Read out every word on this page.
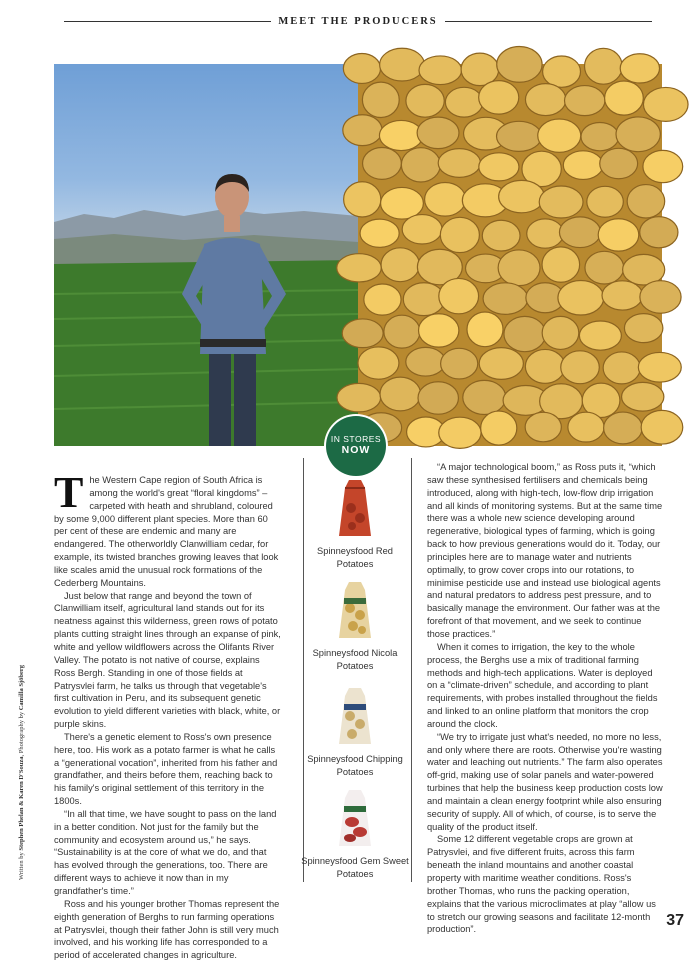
MEET THE PRODUCERS
IN STORES
NOW
T he Western Cape region of South Africa is among the world's great “floral kingdoms” – carpeted with heath and shrubland, coloured by some 9,000 different plant species. More than 60 per cent of these are endemic and many are endangered. The otherworldly Clanwilliam cedar, for example, its twisted branches growing leaves that look like scales amid the unusual rock formations of the Cederberg Mountains.

Just below that range and beyond the town of Clanwilliam itself, agricultural land stands out for its neatness against this wilderness, green rows of potato plants cutting straight lines through an expanse of pink, white and yellow wildflowers across the Olifants River Valley. The potato is not native of course, explains Ross Bergh. Standing in one of those fields at Patrysvlei farm, he talks us through that vegetable's first cultivation in Peru, and its subsequent genetic evolution to yield different varieties with black, white, or purple skins.

There's a genetic element to Ross's own presence here, too. His work as a potato farmer is what he calls a “generational vocation”, inherited from his father and grandfather, and theirs before them, reaching back to his family's original settlement of this territory in the 1800s.

“In all that time, we have sought to pass on the land in a better condition. Not just for the family but the community and ecosystem around us,” he says. “Sustainability is at the core of what we do, and that has evolved through the generations, too. There are different ways to achieve it now than in my grandfather's time.”

Ross and his younger brother Thomas represent the eighth generation of Berghs to run farming operations at Patrysvlei, though their father John is still very much involved, and his working life has corresponded to a period of accelerated changes in agriculture.

Spinneysfood Red Potatoes
Spinneysfood Nicola Potatoes
Spinneysfood Chipping Potatoes
Spinneysfood Gem Sweet Potatoes

“A major technological boom,” as Ross puts it, “which saw these synthesised fertilisers and chemicals being introduced, along with high-tech, low-flow drip irrigation and all kinds of monitoring systems. But at the same time there was a whole new science developing around regenerative, biological types of farming, which is going back to how previous generations would do it. Today, our principles here are to manage water and nutrients optimally, to grow cover crops into our rotations, to minimise pesticide use and instead use biological agents and natural predators to address pest pressure, and to basically manage the environment. Our father was at the forefront of that movement, and we seek to continue those practices.”

When it comes to irrigation, the key to the whole process, the Berghs use a mix of traditional farming methods and high-tech applications. Water is deployed on a “climate-driven” schedule, and according to plant requirements, with probes installed throughout the fields and linked to an online platform that monitors the crop around the clock.

“We try to irrigate just what's needed, no more no less, and only where there are roots. Otherwise you're wasting water and leaching out nutrients.” The farm also operates off-grid, making use of solar panels and water-powered turbines that help the business keep production costs low and maintain a clean energy footprint while also ensuring security of supply. All of which, of course, is to serve the quality of the product itself.

Some 12 different vegetable crops are grown at Patrysvlei, and five different fruits, across this farm beneath the inland mountains and another coastal property with maritime weather conditions. Ross's brother Thomas, who runs the packing operation, explains that the various microclimates at play “allow us to stretch our growing seasons and facilitate 12-month production”.

Written by Stephen Phelan & Karen D'Souza, Photography by Camilla Sjöberg
37
